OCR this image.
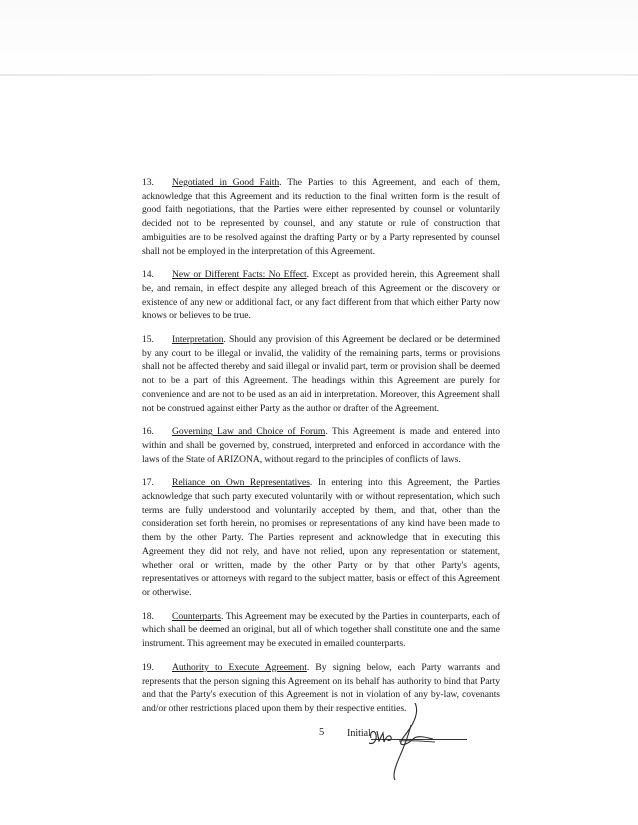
13. Negotiated in Good Faith. The Parties to this Agreement, and each of them, acknowledge that this Agreement and its reduction to the final written form is the result of good faith negotiations, that the Parties were either represented by counsel or voluntarily decided not to be represented by counsel, and any statute or rule of construction that ambiguities are to be resolved against the drafting Party or by a Party represented by counsel shall not be employed in the interpretation of this Agreement.

14. New or Different Facts: No Effect. Except as provided herein, this Agreement shall be, and remain, in effect despite any alleged breach of this Agreement or the discovery or existence of any new or additional fact, or any fact different from that which either Party now knows or believes to be true.

15. Interpretation. Should any provision of this Agreement be declared or be determined by any court to be illegal or invalid, the validity of the remaining parts, terms or provisions shall not be affected thereby and said illegal or invalid part, term or provision shall be deemed not to be a part of this Agreement. The headings within this Agreement are purely for convenience and are not to be used as an aid in interpretation. Moreover, this Agreement shall not be construed against either Party as the author or drafter of the Agreement.

16. Governing Law and Choice of Forum. This Agreement is made and entered into within and shall be governed by, construed, interpreted and enforced in accordance with the laws of the State of ARIZONA, without regard to the principles of conflicts of laws.

17. Reliance on Own Representatives. In entering into this Agreement, the Parties acknowledge that such party executed voluntarily with or without representation, which such terms are fully understood and voluntarily accepted by them, and that, other than the consideration set forth herein, no promises or representations of any kind have been made to them by the other Party. The Parties represent and acknowledge that in executing this Agreement they did not rely, and have not relied, upon any representation or statement, whether oral or written, made by the other Party or by that other Party's agents, representatives or attorneys with regard to the subject matter, basis or effect of this Agreement or otherwise.

18. Counterparts. This Agreement may be executed by the Parties in counterparts, each of which shall be deemed an original, but all of which together shall constitute one and the same instrument. This agreement may be executed in emailed counterparts.

19. Authority to Execute Agreement. By signing below, each Party warrants and represents that the person signing this Agreement on its behalf has authority to bind that Party and that the Party's execution of this Agreement is not in violation of any by-law, covenants and/or other restrictions placed upon them by their respective entities.

5 Initial
